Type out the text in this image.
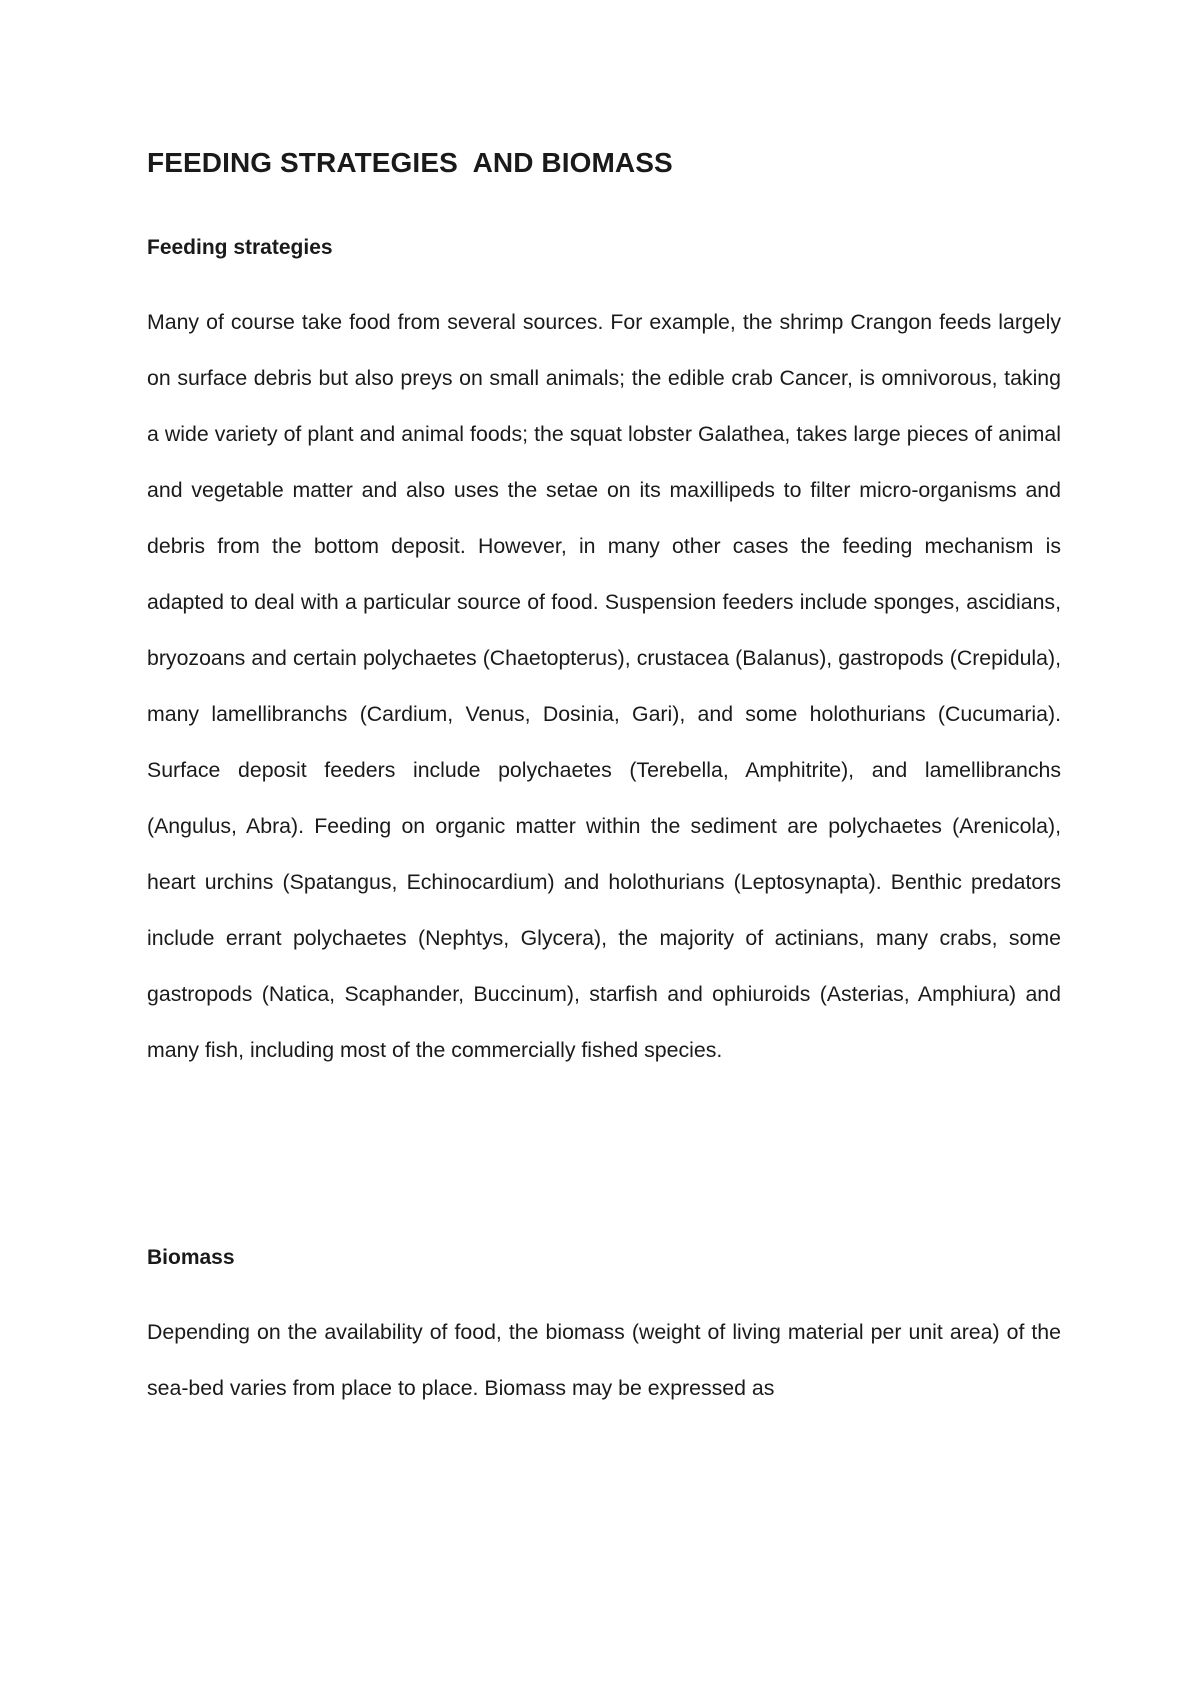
FEEDING STRATEGIES  AND BIOMASS
Feeding strategies

Many of course take food from several sources. For example, the shrimp Crangon feeds largely on surface debris but also preys on small animals; the edible crab Cancer, is omnivorous, taking a wide variety of plant and animal foods; the squat lobster Galathea, takes large pieces of animal and vegetable matter and also uses the setae on its maxillipeds to filter micro-organisms and debris from the bottom deposit. However, in many other cases the feeding mechanism is adapted to deal with a particular source of food. Suspension feeders include sponges, ascidians, bryozoans and certain polychaetes (Chaetopterus), crustacea (Balanus), gastropods (Crepidula), many lamellibranchs (Cardium, Venus, Dosinia, Gari), and some holothurians (Cucumaria). Surface deposit feeders include polychaetes (Terebella, Amphitrite), and lamellibranchs (Angulus, Abra). Feeding on organic matter within the sediment are polychaetes (Arenicola), heart urchins (Spatangus, Echinocardium) and holothurians (Leptosynapta). Benthic predators include errant polychaetes (Nephtys, Glycera), the majority of actinians, many crabs, some gastropods (Natica, Scaphander, Buccinum), starfish and ophiuroids (Asterias, Amphiura) and many fish, including most of the commercially fished species.

Biomass

Depending on the availability of food, the biomass (weight of living material per unit area) of the sea-bed varies from place to place. Biomass may be expressed as
